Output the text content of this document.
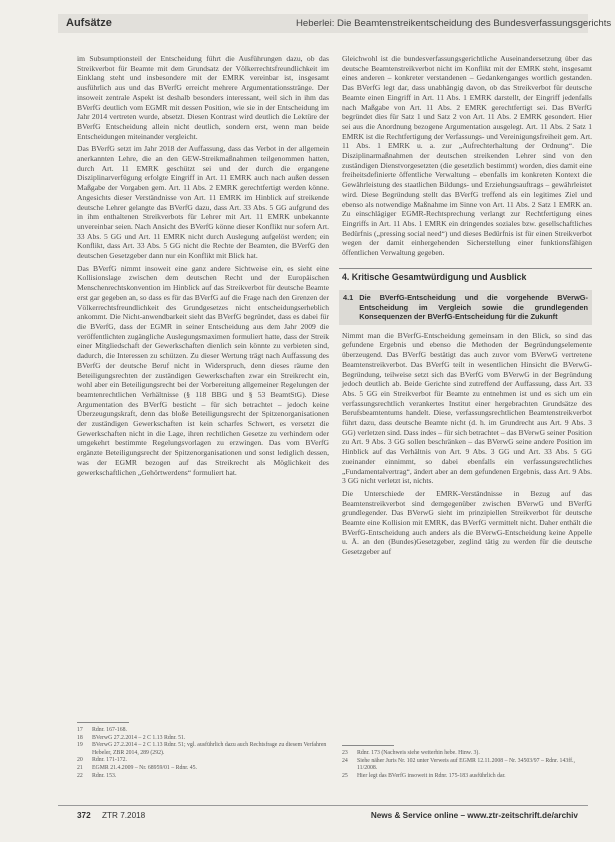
Aufsätze	Heberlei: Die Beamtenstreikentscheidung des Bundesverfassungsgerichts

im Subsumptionsteil der Entscheidung führt die Ausführungen dazu, ob das Streikverbot für Beamte mit dem Grundsatz der Völkerrechtsfreundlichkeit im Einklang steht und insbesondere mit der EMRK vereinbar ist, insgesamt ausführlich aus und das BVerfG erreicht mehrere Argumentationsstränge. Der insoweit zentrale Aspekt ist deshalb besonders interessant, weil sich in ihm das BVerfG deutlich vom EGMR mit dessen Position, wie sie in der Entscheidung im Jahr 2014 vertreten wurde, absetzt. Diesen Kontrast wird deutlich die Lektüre der BVerfG Entscheidung allein nicht deutlich, sondern erst, wenn man beide Entscheidungen miteinander vergleicht.

Das BVerfG setzt im Jahr 2018 der Auffassung, dass das Verbot in der allgemein anerkannten Lehre, die an den GEW-Streikmaßnahmen teilgenommen hatten, durch Art. 11 EMRK geschützt sei und der durch die ergangene Disziplinarverfügung erfolgte Eingriff in Art. 11 EMRK auch nach außen dessen Maßgabe der Vorgaben gem. Art. 11 Abs. 2 EMRK gerechtfertigt werden könne. Angesichts dieser Verständnisse von Art. 11 EMRK im Hinblick auf streikende deutsche Lehrer gelangte das BVerfG dazu, dass Art. 33 Abs. 5 GG aufgrund des in ihm enthaltenen Streikverbots für Lehrer mit Art. 11 EMRK unbekannte unvereinbar seien. Nach Ansicht des BVerfG könne dieser Konflikt nur sofern Art. 33 Abs. 5 GG und Art. 11 EMRK nicht durch Auslegung aufgelöst werden; ein Konflikt, dass Art. 33 Abs. 5 GG nicht die Rechte der Beamten, die BVerfG den deutschen Gesetzgeber dann nur ein Konflikt mit Blick hat.

Das BVerfG nimmt insoweit eine ganz andere Sichtweise ein, es sieht eine Kollisionslage zwischen dem deutschen Recht und der Europäischen Menschenrechtskonvention im Hinblick auf das Streikverbot für deutsche Beamte erst gar gegeben an, so dass es für das BVerfG auf die Frage nach den Grenzen der Völkerrechtsfreundlichkeit des Grundgesetzes nicht entscheidungserheblich ankommt. Die Nicht-anwendbarkeit sieht das BVerfG begründet, dass es dabei für die BVerfG, dass der EGMR in seiner Entscheidung aus dem Jahr 2009 die veröffentlichten zugängliche Auslegungsmaximen formuliert hatte, dass der Streik einer Mitgliedschaft der Gewerkschaften dienlich sein könnte zu verbieten sind, dadurch, die Interessen zu schützen. Zu dieser Wertung trägt nach Auffassung des BVerfG der deutsche Beruf nicht in Widerspruch, denn dieses räume den Beteiligungsrechten der zuständigen Gewerkschaften zwar ein Streikrecht ein, wohl aber ein Beteiligungsrecht bei der Vorbereitung allgemeiner Regelungen der beamtenrechtlichen Verhältnisse (§ 118 BBG und § 53 BeamtStG). Diese Argumentation des BVerfG besticht – für sich betrachtet – jedoch keine Überzeugungskraft, denn das bloße Beteiligungsrecht der Spitzenorganisationen der zuständigen Gewerkschaften ist kein scharfes Schwert, es versetzt die Gewerkschaften nicht in die Lage, ihren rechtlichen Gesetze zu verhindern oder umgekehrt bestimmte Regelungsvorlagen zu erzwingen. Das vom BVerfG ergänzte Beteiligungsrecht der Spitzenorganisationen und sonst lediglich dessen, was der EGMR bezogen auf das Streikrecht als Möglichkeit des gewerkschaftlichen „Gehörtwerdens“ formuliert hat.

Gleichwohl ist die bundesverfassungsgerichtliche Auseinandersetzung über das deutsche Beamtenstreikverbot nicht im Konflikt mit der EMRK steht, insgesamt eines anderen – konkreter verstandenen – Gedankenganges wortlich gestanden. Das BVerfG legt dar, dass unabhängig davon, ob das Streikverbot für deutsche Beamte einen Eingriff in Art. 11 Abs. 1 EMRK darstellt, der Eingriff jedenfalls nach Maßgabe von Art. 11 Abs. 2 EMRK gerechtfertigt sei. Das BVerfG begründet dies für Satz 1 und Satz 2 von Art. 11 Abs. 2 EMRK gesondert. Hier sei aus die Anordnung bezogene Argumentation ausgelegt. Art. 11 Abs. 2 Satz 1 EMRK ist die Rechtfertigung der Verfassungs- und Vereinigungsfreiheit gem. Art. 11 Abs. 1 EMRK u. a. zur „Aufrechterhaltung der Ordnung“. Die Disziplinarmaßnahmen der deutschen streikenden Lehrer sind von den zuständigen Dienstvorgesetzten (die gesetzlich bestimmt) worden, dies damit eine freiheitsdefinierte öffentliche Verwaltung – ebenfalls im konkreten Kontext die Gewährleistung des staatlichen Bildungs- und Erziehungsauftrags – gewährleistet wird. Diese Begründung stellt das BVerfG treffend als ein legitimes Ziel und ebenso als notwendige Maßnahme im Sinne von Art. 11 Abs. 2 Satz 1 EMRK an. Zu einschlägiger EGMR-Rechtsprechung verlangt zur Rechtfertigung eines Eingriffs in Art. 11 Abs. 1 EMRK ein dringendes soziales bzw. gesellschaftliches Bedürfnis („pressing social need“) und dieses Bedürfnis ist für einen Streikverbot wegen der damit einhergehenden Sicherstellung einer funktionsfähigen öffentlichen Verwaltung gegeben.

4. Kritische Gesamtwürdigung und Ausblick
4.1 Die BVerfG-Entscheidung und die vorgehende BVerwG-Entscheidung im Vergleich sowie die grundlegenden Konsequenzen der BVerfG-Entscheidung für die Zukunft

Nimmt man die BVerfG-Entscheidung gemeinsam in den Blick, so sind das gefundene Ergebnis und ebenso die Methoden der Begründungselemente überzeugend. Das BVerfG bestätigt das auch zuvor vom BVerwG vertretene Beamtenstreikverbot. Das BVerfG teilt in wesentlichen Hinsicht die BVerwG-Begründung, teilweise setzt sich das BVerfG vom BVerwG in der Begründung jedoch deutlich ab. Beide Gerichte sind zutreffend der Auffassung, dass Art. 33 Abs. 5 GG ein Streikverbot für Beamte zu entnehmen ist und es sich um ein verfassungsrechtlich verankertes Institut einer hergebrachten Grundsätze des Berufsbeamtentums handelt. Diese, verfassungsrechtlichen Beamtenstreikverbot führt dazu, dass deutsche Beamte nicht (d. h. im Grundrecht aus Art. 9 Abs. 3 GG) verletzen sind. Dass indes – für sich betrachtet – das BVerwG seiner Position zu Art. 9 Abs. 3 GG sollen beschränken – das BVerwG seine andere Position im Hinblick auf das Verhältnis von Art. 9 Abs. 3 GG und Art. 33 Abs. 5 GG zueinander einnimmt, so dabei ebenfalls ein verfassungsrechtliches „Fundamentalvertrag“, ändert aber an dem gefundenen Ergebnis, dass Art. 9 Abs. 3 GG nicht verletzt ist, nichts.

Die Unterschiede der EMRK-Verständnisse in Bezug auf das Beamtenstreikverbot sind demgegenüber zwischen BVerwG und BVerfG grundlegender. Das BVerwG sieht im prinzipiellen Streikverbot für deutsche Beamte eine Kollision mit EMRK, das BVerfG vermittelt nicht. Daher enthält die BVerfG-Entscheidung auch anders als die BVerwG-Entscheidung keine Appelle u. Ä. an den (Bundes)Gesetzgeber, zeglind tätig zu werden für die deutsche Gesetzgeber auf

17	Rdnr. 167-168.
18	BVerwG 27.2.2014 – 2 C 1.13 Rdnr. 51.
19	BVerwG 27.2.2014 – 2 C 1.13 Rdnr. 51; vgl. ausführlich dazu auch Rechtsfrage zu diesem Verfahren Hebeler, ZBR 2014, 289 (292).
20	Rdnr. 171-172.
21	EGMR 21.4.2009 – Nr. 68959/01 – Rdnr. 45.
22	Rdnr. 153.
23	Rdnr. 173 (Nachweis siehe weiterhin hebe. Hinw. 3).
24	Siehe näher Juris Nr. 102 unter Verweis auf EGMR 12.11.2008 – Nr. 34503/97 – Rdnr. 143ff., 11/2008.
25	Hier legt das BVerfG insoweit in Rdnr. 175-183 ausführlich dar.
372 ZTR 7.2018	News & Service online – www.ztr-zeitschrift.de/archiv
